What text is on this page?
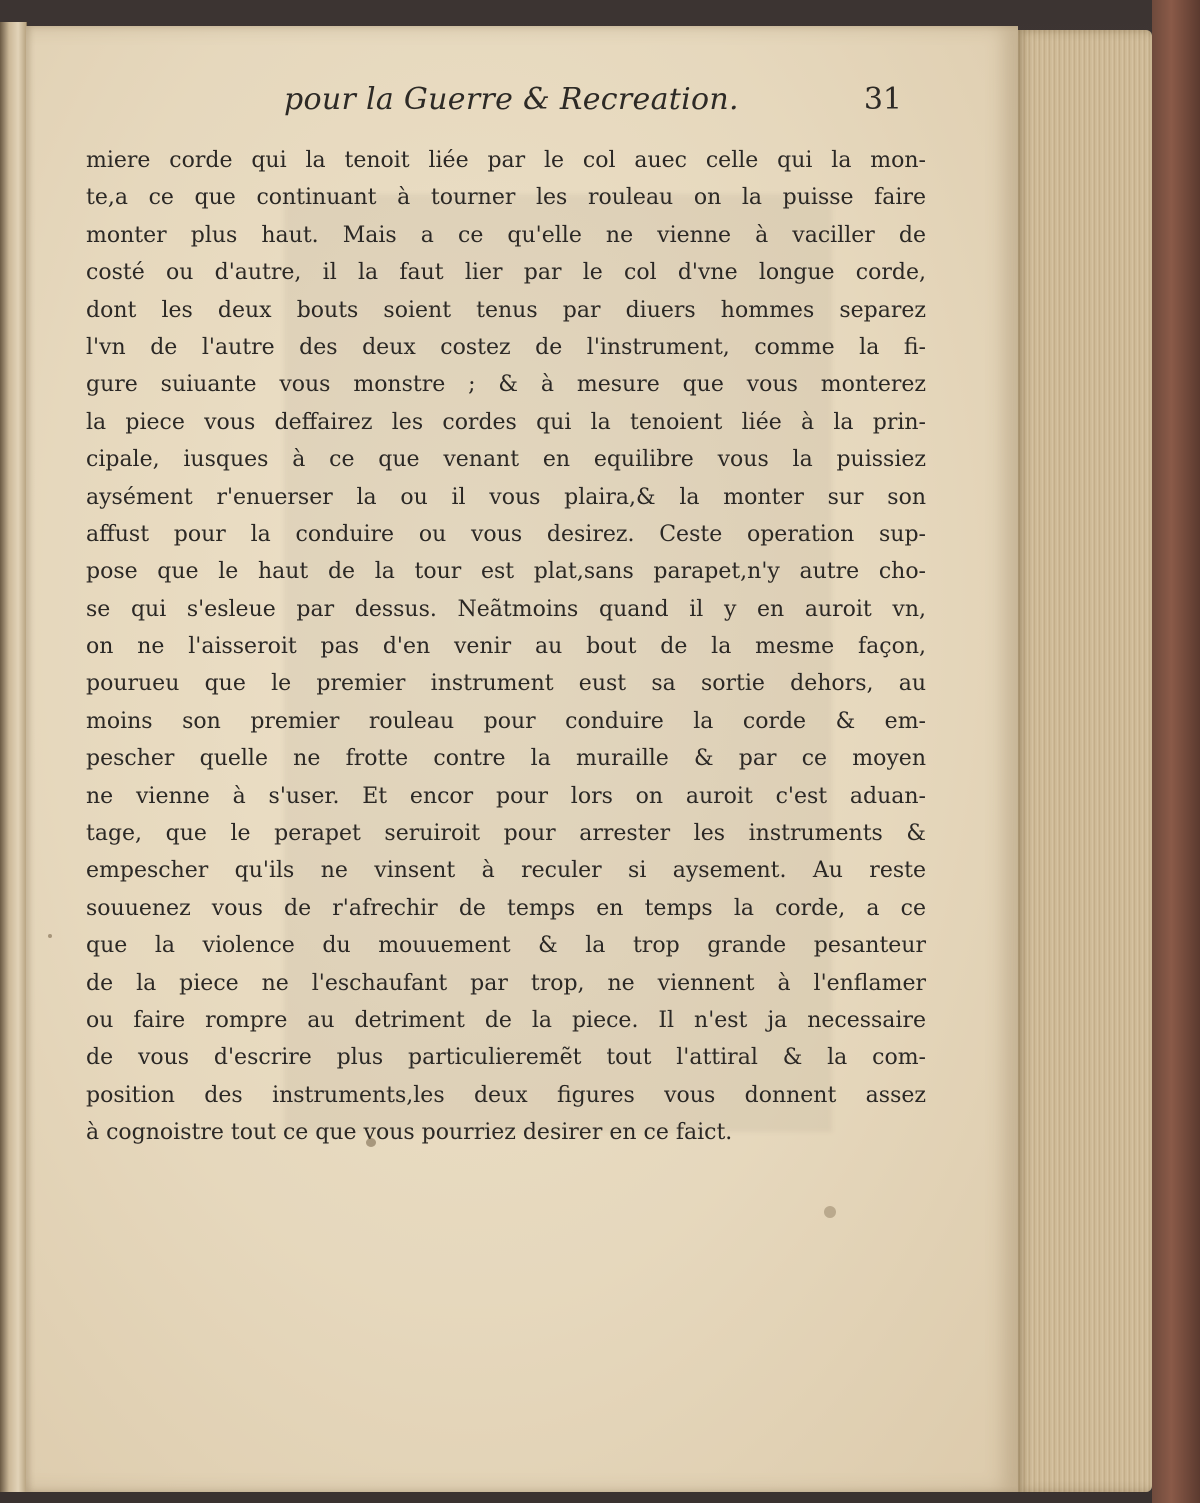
pour la Guerre & Recreation.	31
miere corde qui la tenoit liée par le col auec celle qui la mon-
te,a ce que continuant à tourner les rouleau on la puisse faire
monter plus haut. Mais a ce qu'elle ne vienne à vaciller de
costé ou d'autre, il la faut lier par le col d'vne longue corde,
dont les deux bouts soient tenus par diuers hommes separez
l'vn de l'autre des deux costez de l'instrument, comme la fi-
gure suiuante vous monstre ; & à mesure que vous monterez
la piece vous deffairez les cordes qui la tenoient liée à la prin-
cipale, iusques à ce que venant en equilibre vous la puissiez
aysément r'enuerser la ou il vous plaira,& la monter sur son
affust pour la conduire ou vous desirez. Ceste operation sup-
pose que le haut de la tour est plat,sans parapet,n'y autre cho-
se qui s'esleue par dessus. Neãtmoins quand il y en auroit vn,
on ne l'aisseroit pas d'en venir au bout de la mesme façon,
pourueu que le premier instrument eust sa sortie dehors, au
moins son premier rouleau pour conduire la corde & em-
pescher quelle ne frotte contre la muraille & par ce moyen
ne vienne à s'user. Et encor pour lors on auroit c'est aduan-
tage, que le perapet seruiroit pour arrester les instruments &
empescher qu'ils ne vinsent à reculer si aysement. Au reste
souuenez vous de r'afrechir de temps en temps la corde, a ce
que la violence du mouuement & la trop grande pesanteur
de la piece ne l'eschaufant par trop, ne viennent à l'enflamer
ou faire rompre au detriment de la piece. Il n'est ja necessaire
de vous d'escrire plus particulieremẽt tout l'attiral & la com-
position des instruments,les deux figures vous donnent assez
à cognoistre tout ce que vous pourriez desirer en ce faict.
